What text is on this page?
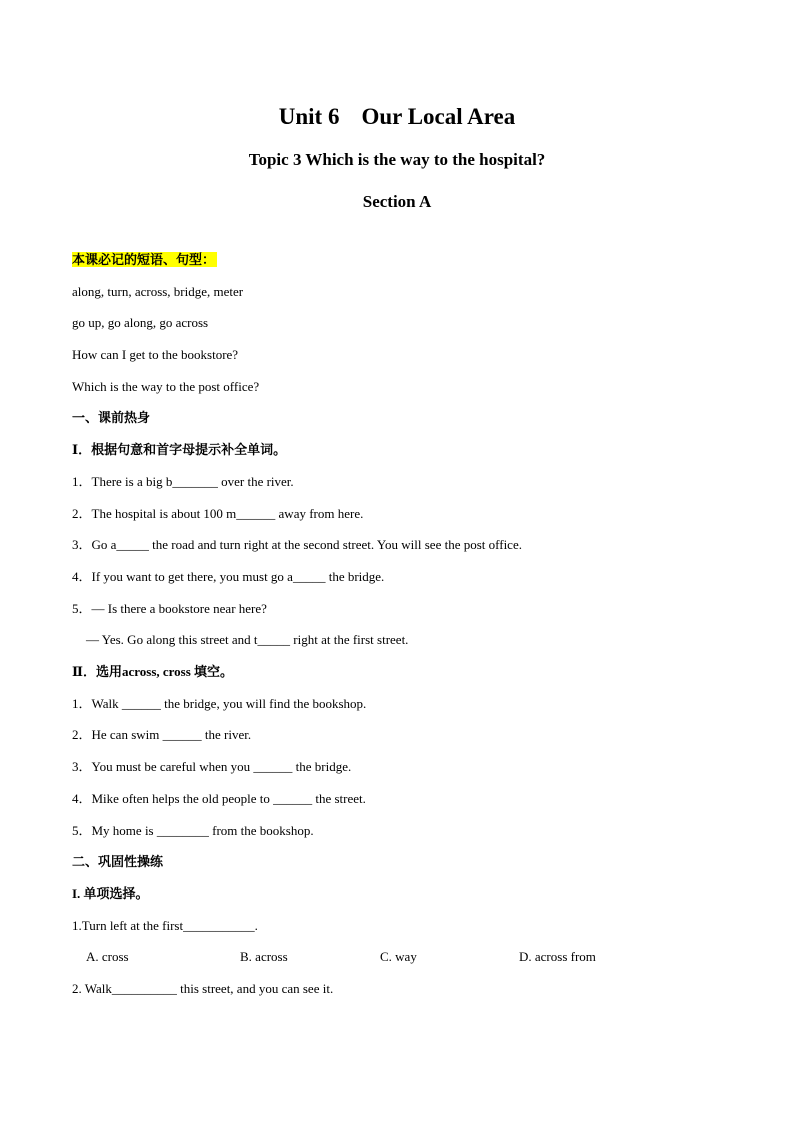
Unit 6 Our Local Area
Topic 3 Which is the way to the hospital?
Section A
本课必记的短语、句型：
along, turn, across, bridge, meter
go up, go along, go across
How can I get to the bookstore?
Which is the way to the post office?
一、课前热身
Ⅰ．根据句意和首字母提示补全单词。
1．There is a big b_______ over the river.
2．The hospital is about 100 m______ away from here.
3．Go a_____ the road and turn right at the second street. You will see the post office.
4．If you want to get there, you must go a_____ the bridge.
5．— Is there a bookstore near here?
— Yes. Go along this street and t_____ right at the first street.
Ⅱ．选用across, cross 填空。
1．Walk ______ the bridge, you will find the bookshop.
2．He can swim ______ the river.
3．You must be careful when you ______ the bridge.
4．Mike often helps the old people to ______ the street.
5．My home is ________ from the bookshop.
二、巩固性操练
I. 单项选择。
1.Turn left at the first___________.
A. cross	B. across	C. way	D. across from
2. Walk__________ this street, and you can see it.
